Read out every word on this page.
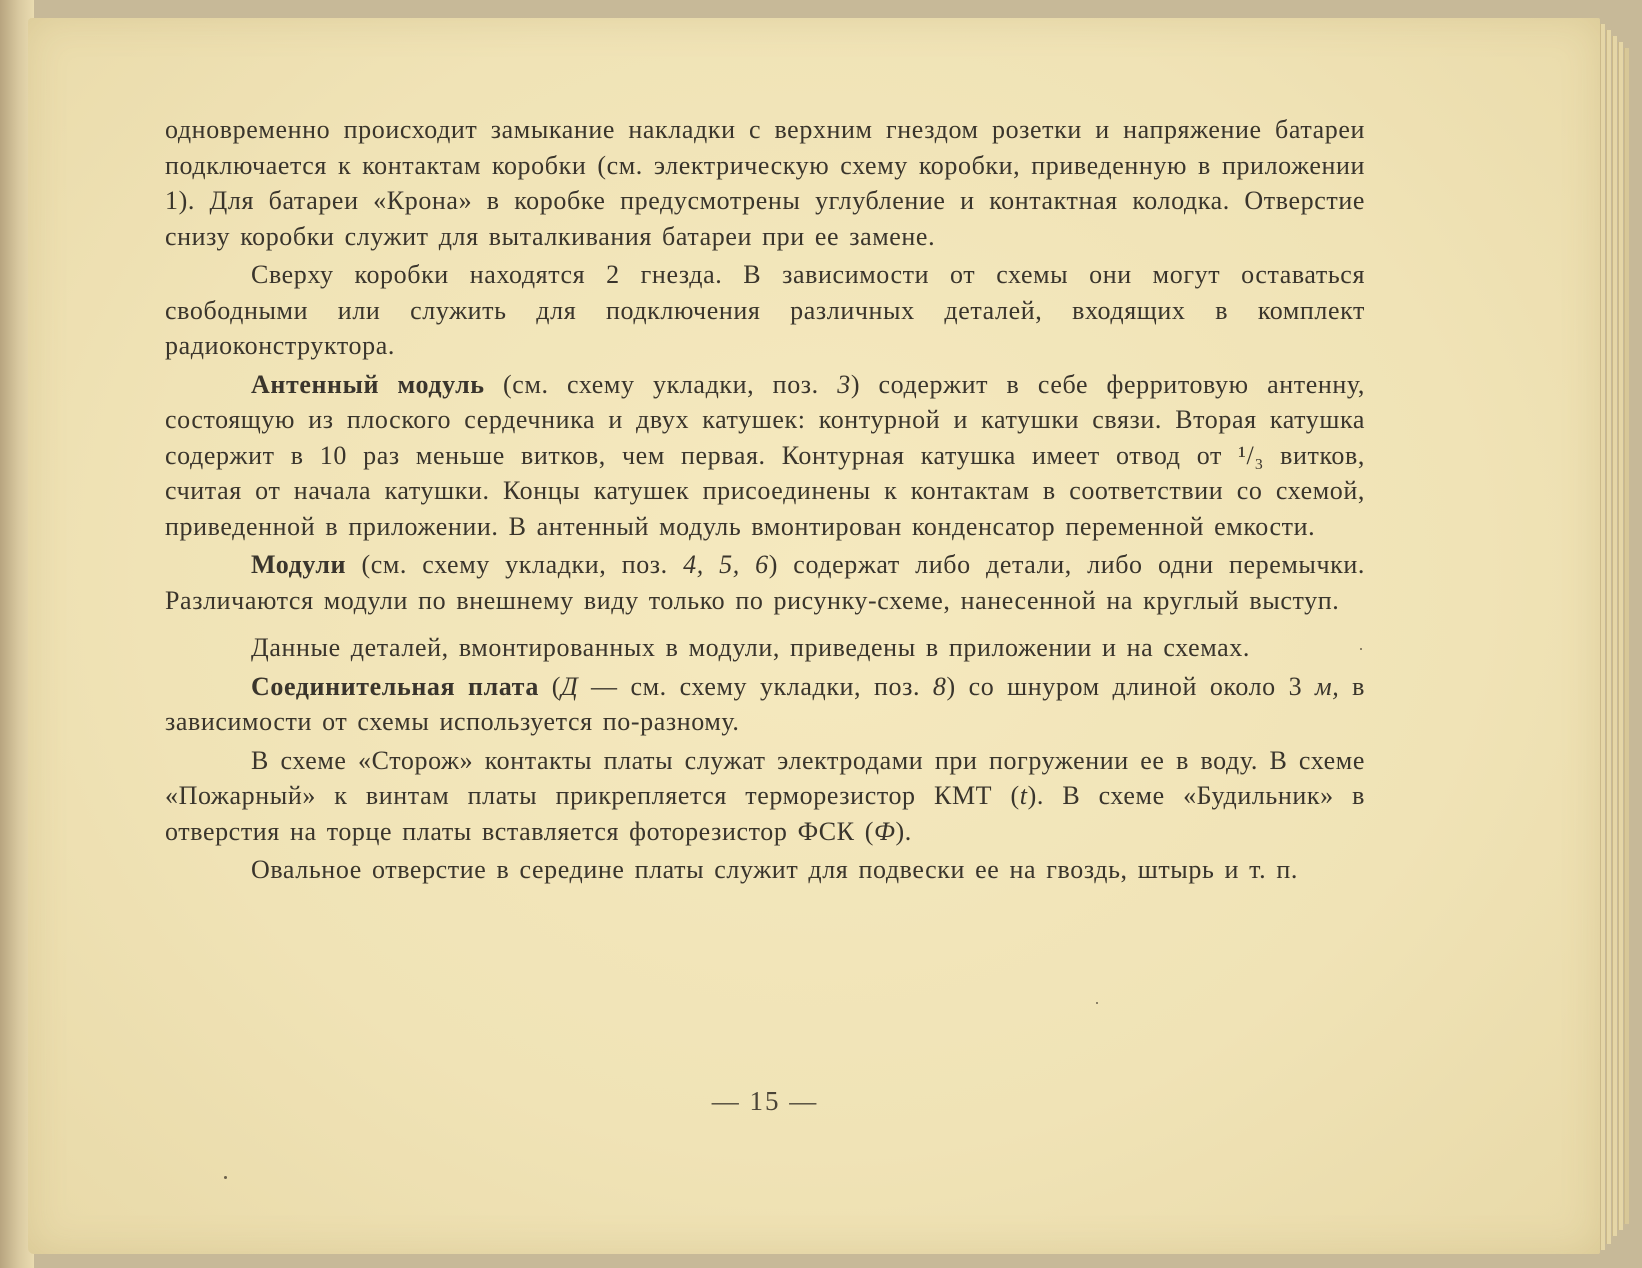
одновременно происходит замыкание накладки с верхним гнездом розетки и напряжение батареи подключается к контактам коробки (см. электрическую схему коробки, приведенную в приложении 1). Для батареи «Крона» в коробке предусмотрены углубление и контактная колодка. Отверстие снизу коробки служит для выталкивания батареи при ее замене.

Сверху коробки находятся 2 гнезда. В зависимости от схемы они могут оставаться свободными или служить для подключения различных деталей, входящих в комплект радиоконструктора.

Антенный модуль (см. схему укладки, поз. 3) содержит в себе ферритовую антенну, состоящую из плоского сердечника и двух катушек: контурной и катушки связи. Вторая катушка содержит в 10 раз меньше витков, чем первая. Контурная катушка имеет отвод от ¹/₃ витков, считая от начала катушки. Концы катушек присоединены к контактам в соответствии со схемой, приведенной в приложении. В антенный модуль вмонтирован конденсатор переменной емкости.

Модули (см. схему укладки, поз. 4, 5, 6) содержат либо детали, либо одни перемычки. Различаются модули по внешнему виду только по рисунку-схеме, нанесенной на круглый выступ.

Данные деталей, вмонтированных в модули, приведены в приложении и на схемах.

Соединительная плата (Д — см. схему укладки, поз. 8) со шнуром длиной около 3 м, в зависимости от схемы используется по-разному.

В схеме «Сторож» контакты платы служат электродами при погружении ее в воду. В схеме «Пожарный» к винтам платы прикрепляется терморезистор КМТ (t). В схеме «Будильник» в отверстия на торце платы вставляется фоторезистор ФСК (Ф).

Овальное отверстие в середине платы служит для подвески ее на гвоздь, штырь и т. п.

— 15 —
